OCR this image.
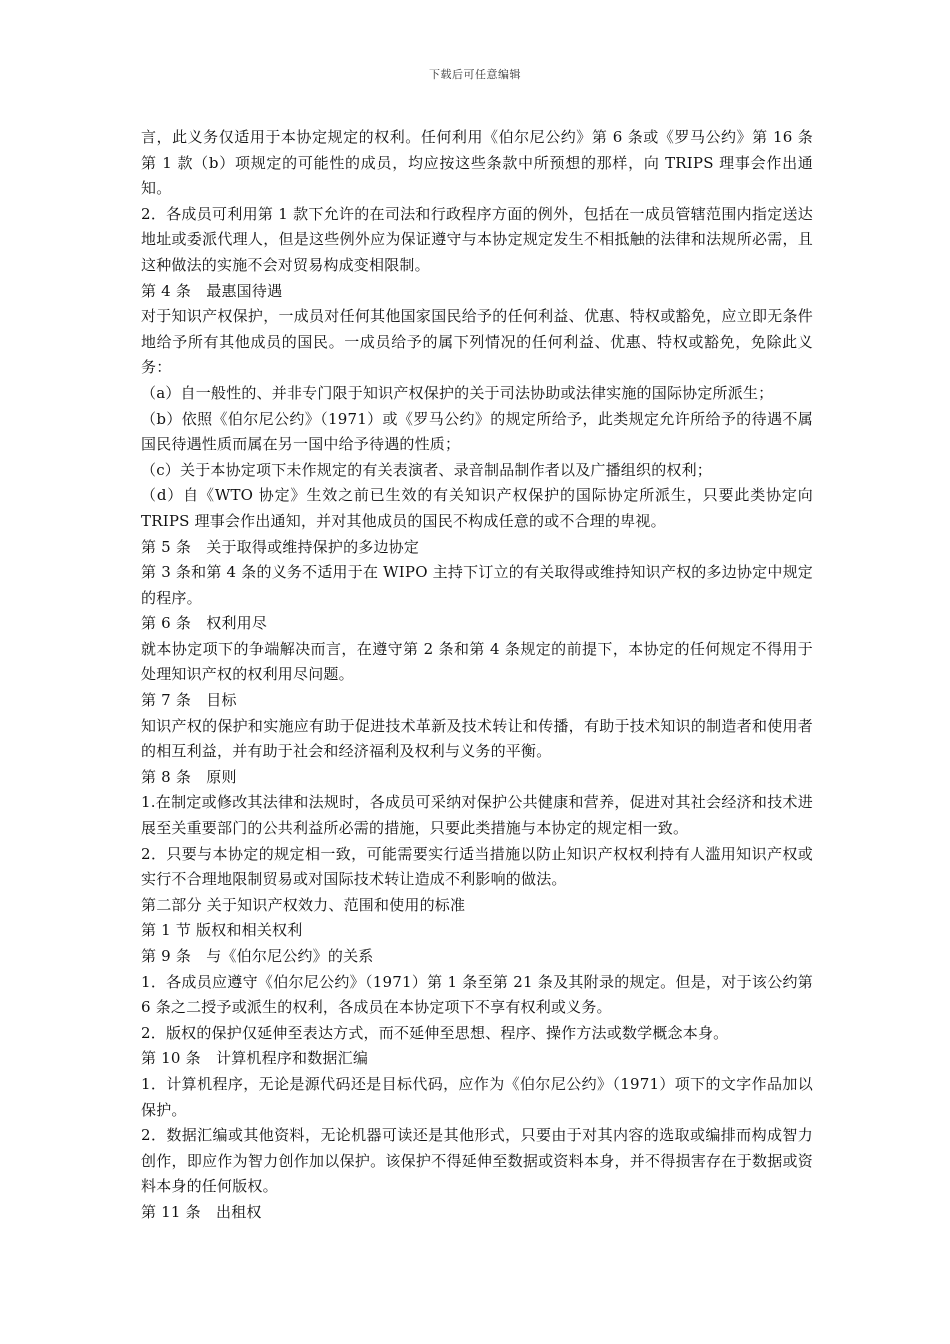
下载后可任意编辑

言，此义务仅适用于本协定规定的权利。任何利用《伯尔尼公约》第 6 条或《罗马公约》第 16 条第 1 款（b）项规定的可能性的成员，均应按这些条款中所预想的那样，向 TRIPS 理事会作出通知。

2．各成员可利用第 1 款下允许的在司法和行政程序方面的例外，包括在一成员管辖范围内指定送达地址或委派代理人，但是这些例外应为保证遵守与本协定规定发生不相抵触的法律和法规所必需，且这种做法的实施不会对贸易构成变相限制。

第 4 条　最惠国待遇

对于知识产权保护，一成员对任何其他国家国民给予的任何利益、优惠、特权或豁免，应立即无条件地给予所有其他成员的国民。一成员给予的属下列情况的任何利益、优惠、特权或豁免，免除此义务：

（a）自一般性的、并非专门限于知识产权保护的关于司法协助或法律实施的国际协定所派生；

（b）依照《伯尔尼公约》（1971）或《罗马公约》的规定所给予，此类规定允许所给予的待遇不属国民待遇性质而属在另一国中给予待遇的性质；

（c）关于本协定项下未作规定的有关表演者、录音制品制作者以及广播组织的权利；

（d）自《WTO 协定》生效之前已生效的有关知识产权保护的国际协定所派生，只要此类协定向 TRIPS 理事会作出通知，并对其他成员的国民不构成任意的或不合理的卑视。

第 5 条　关于取得或维持保护的多边协定

第 3 条和第 4 条的义务不适用于在 WIPO 主持下订立的有关取得或维持知识产权的多边协定中规定的程序。

第 6 条　权利用尽

就本协定项下的争端解决而言，在遵守第 2 条和第 4 条规定的前提下，本协定的任何规定不得用于处理知识产权的权利用尽问题。

第 7 条　目标

知识产权的保护和实施应有助于促进技术革新及技术转让和传播，有助于技术知识的制造者和使用者的相互利益，并有助于社会和经济福利及权利与义务的平衡。

第 8 条　原则

1.在制定或修改其法律和法规时，各成员可采纳对保护公共健康和营养，促进对其社会经济和技术进展至关重要部门的公共利益所必需的措施，只要此类措施与本协定的规定相一致。

2．只要与本协定的规定相一致，可能需要实行适当措施以防止知识产权权利持有人滥用知识产权或实行不合理地限制贸易或对国际技术转让造成不利影响的做法。

第二部分 关于知识产权效力、范围和使用的标准

第 1 节 版权和相关权利

第 9 条　与《伯尔尼公约》的关系

1．各成员应遵守《伯尔尼公约》（1971）第 1 条至第 21 条及其附录的规定。但是，对于该公约第 6 条之二授予或派生的权利，各成员在本协定项下不享有权利或义务。

2．版权的保护仅延伸至表达方式，而不延伸至思想、程序、操作方法或数学概念本身。

第 10 条　计算机程序和数据汇编

1．计算机程序，无论是源代码还是目标代码，应作为《伯尔尼公约》（1971）项下的文字作品加以保护。

2．数据汇编或其他资料，无论机器可读还是其他形式，只要由于对其内容的选取或编排而构成智力创作，即应作为智力创作加以保护。该保护不得延伸至数据或资料本身，并不得损害存在于数据或资料本身的任何版权。

第 11 条　出租权
